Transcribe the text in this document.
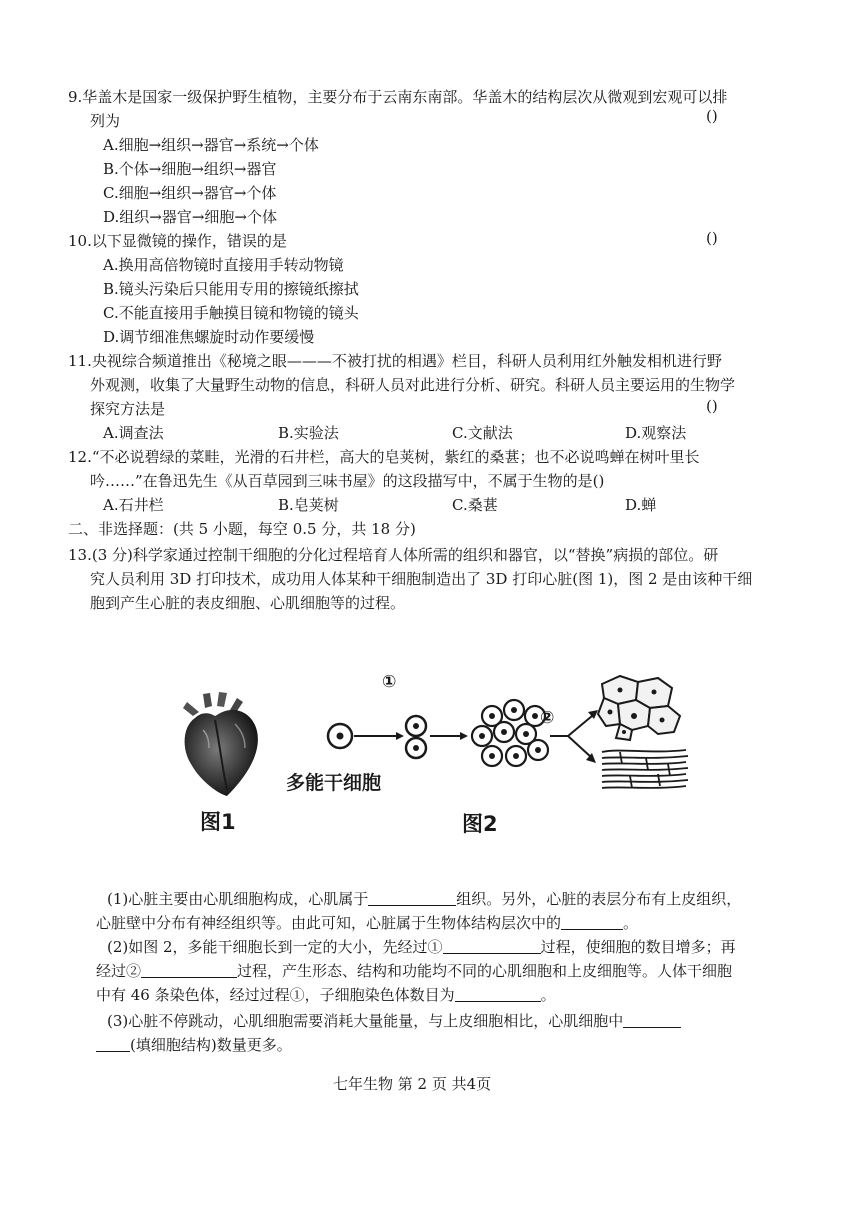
9.华盖木是国家一级保护野生植物，主要分布于云南东南部。华盖木的结构层次从微观到宏观可以排
列为	()
A.细胞→组织→器官→系统→个体
B.个体→细胞→组织→器官
C.细胞→组织→器官→个体
D.组织→器官→细胞→个体
10.以下显微镜的操作，错误的是	()
A.换用高倍物镜时直接用手转动物镜
B.镜头污染后只能用专用的擦镜纸擦拭
C.不能直接用手触摸目镜和物镜的镜头
D.调节细准焦螺旋时动作要缓慢
11.央视综合频道推出《秘境之眼———不被打扰的相遇》栏目，科研人员利用红外触发相机进行野
外观测，收集了大量野生动物的信息，科研人员对此进行分析、研究。科研人员主要运用的生物学
探究方法是	()
A.调查法	B.实验法	C.文献法	D.观察法
12.“不必说碧绿的菜畦，光滑的石井栏，高大的皂荚树，紫红的桑葚；也不必说鸣蝉在树叶里长
吟……”在鲁迅先生《从百草园到三味书屋》的这段描写中，不属于生物的是()
A.石井栏	B.皂荚树	C.桑葚	D.蝉
二、非选择题：(共 5 小题，每空 0.5 分，共 18 分)
13.(3 分)科学家通过控制干细胞的分化过程培育人体所需的组织和器官，以“替换”病损的部位。研
究人员利用 3D 打印技术，成功用人体某种干细胞制造出了 3D 打印心脏(图 1)，图 2 是由该种干细
胞到产生心脏的表皮细胞、心肌细胞等的过程。
图1
①
②
多能干细胞
图2
(1)心脏主要由心肌细胞构成，心肌属于	组织。另外，心脏的表层分布有上皮组织，
心脏壁中分布有神经组织等。由此可知，心脏属于生物体结构层次中的	。
(2)如图 2，多能干细胞长到一定的大小，先经过①	过程，使细胞的数目增多；再
经过②	过程，产生形态、结构和功能均不同的心肌细胞和上皮细胞等。人体干细胞
中有 46 条染色体，经过过程①，子细胞染色体数目为	。
(3)心脏不停跳动，心肌细胞需要消耗大量能量，与上皮细胞相比，心肌细胞中
(填细胞结构)数量更多。
七年生物 第 2 页 共4页
